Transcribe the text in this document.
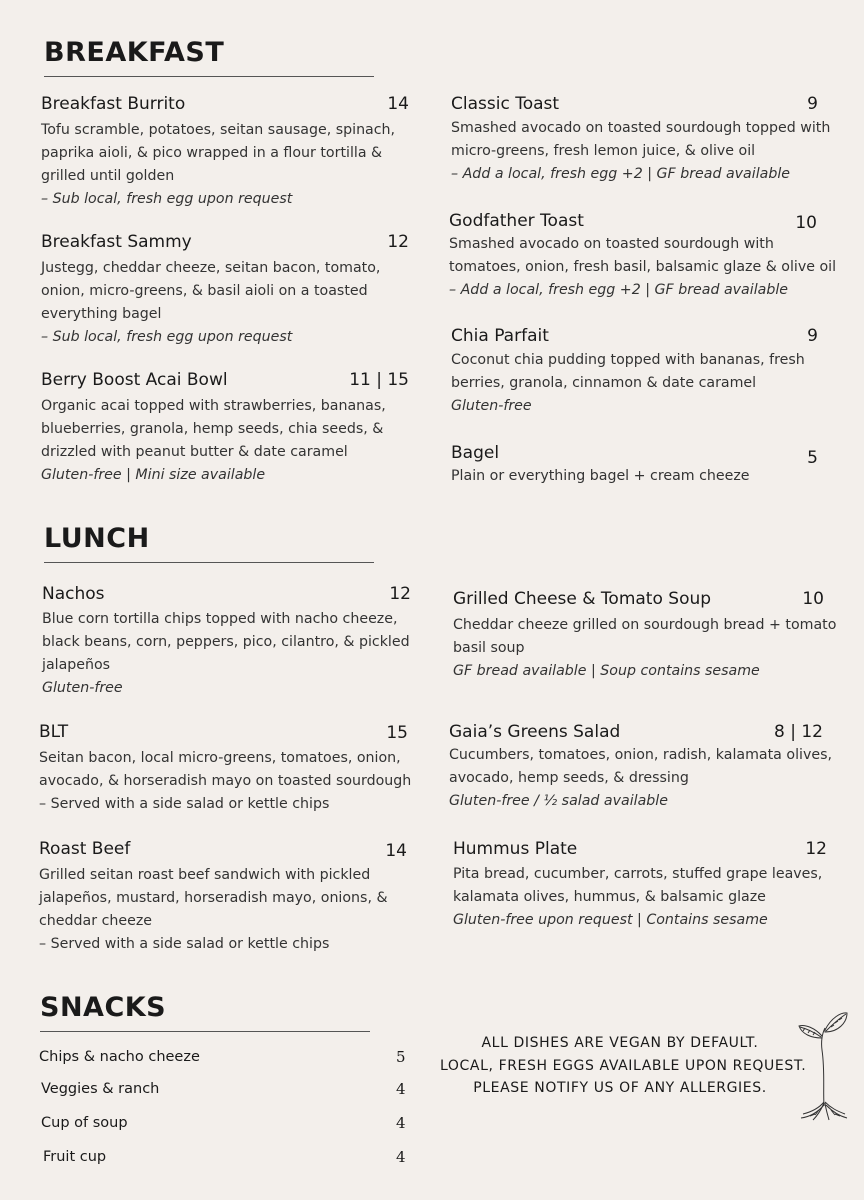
BREAKFAST
Breakfast Burrito	14
Tofu scramble, potatoes, seitan sausage, spinach,
paprika aioli, & pico wrapped in a flour tortilla &
grilled until golden
– Sub local, fresh egg upon request
Breakfast Sammy	12
Justegg, cheddar cheeze, seitan bacon, tomato,
onion, micro-greens, & basil aioli on a toasted
everything bagel
– Sub local, fresh egg upon request
Berry Boost Acai Bowl	11 | 15
Organic acai topped with strawberries, bananas,
blueberries, granola, hemp seeds, chia seeds, &
drizzled with peanut butter & date caramel
Gluten-free | Mini size available
Classic Toast	9
Smashed avocado on toasted sourdough topped with
micro-greens, fresh lemon juice, & olive oil
– Add a local, fresh egg +2 | GF bread available
Godfather Toast	10
Smashed avocado on toasted sourdough with
tomatoes, onion, fresh basil, balsamic glaze & olive oil
– Add a local, fresh egg +2 | GF bread available
Chia Parfait	9
Coconut chia pudding topped with bananas, fresh
berries, granola, cinnamon & date caramel
Gluten-free
Bagel	5
Plain or everything bagel + cream cheeze
LUNCH
Nachos	12
Blue corn tortilla chips topped with nacho cheeze,
black beans, corn, peppers, pico, cilantro, & pickled
jalapeños
Gluten-free
BLT	15
Seitan bacon, local micro-greens, tomatoes, onion,
avocado, & horseradish mayo on toasted sourdough
– Served with a side salad or kettle chips
Roast Beef	14
Grilled seitan roast beef sandwich with pickled
jalapeños, mustard, horseradish mayo, onions, &
cheddar cheeze
– Served with a side salad or kettle chips
Grilled Cheese & Tomato Soup	10
Cheddar cheeze grilled on sourdough bread + tomato
basil soup
GF bread available | Soup contains sesame
Gaia’s Greens Salad	8 | 12
Cucumbers, tomatoes, onion, radish, kalamata olives,
avocado, hemp seeds, & dressing
Gluten-free / ½ salad available
Hummus Plate	12
Pita bread, cucumber, carrots, stuffed grape leaves,
kalamata olives, hummus, & balsamic glaze
Gluten-free upon request | Contains sesame
SNACKS
Chips & nacho cheeze	5
Veggies & ranch	4
Cup of soup	4
Fruit cup	4
ALL DISHES ARE VEGAN BY DEFAULT.
LOCAL, FRESH EGGS AVAILABLE UPON REQUEST.
PLEASE NOTIFY US OF ANY ALLERGIES.
